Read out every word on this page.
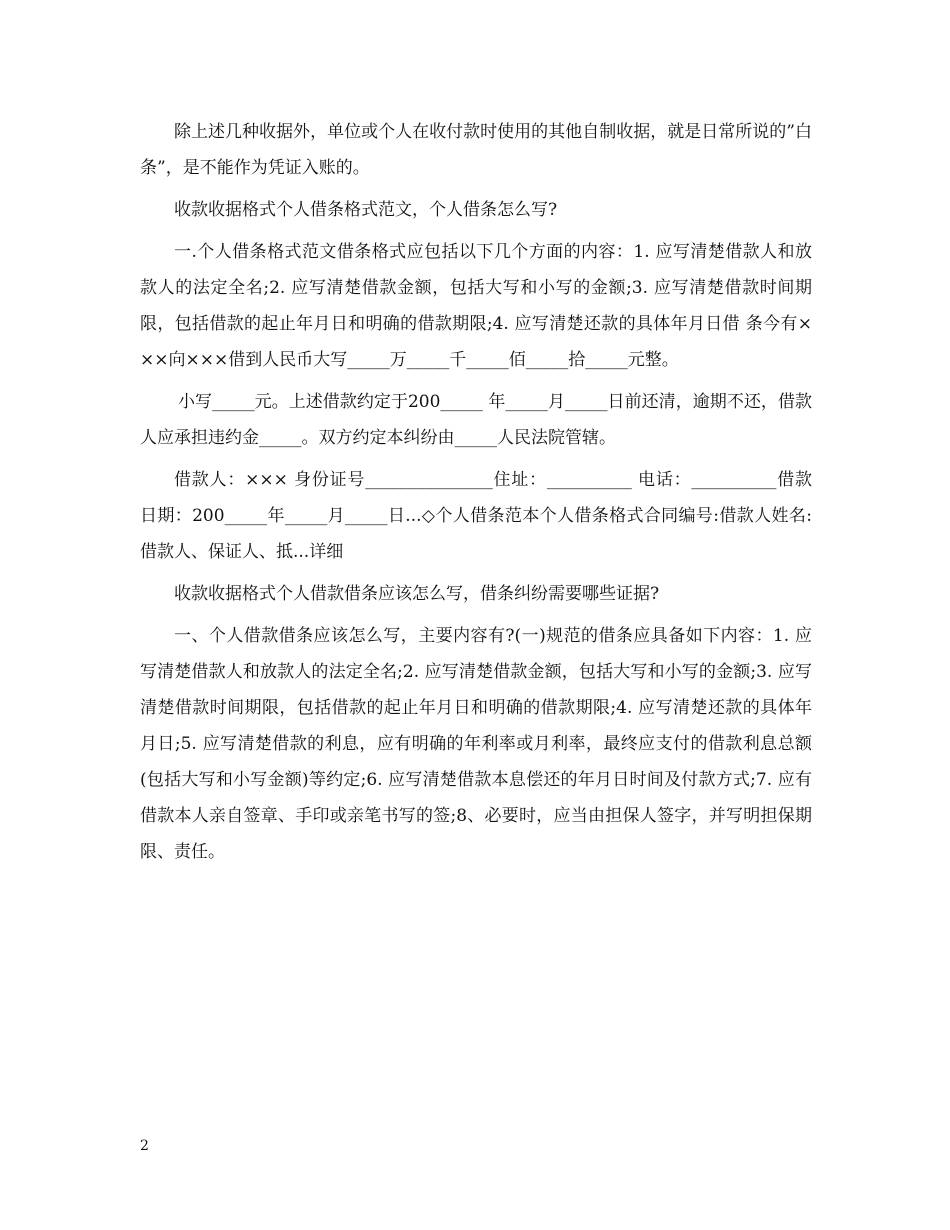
除上述几种收据外，单位或个人在收付款时使用的其他自制收据，就是日常所说的”白条”，是不能作为凭证入账的。

收款收据格式个人借条格式范文，个人借条怎么写?

一.个人借条格式范文借条格式应包括以下几个方面的内容：1. 应写清楚借款人和放款人的法定全名;2. 应写清楚借款金额，包括大写和小写的金额;3. 应写清楚借款时间期限，包括借款的起止年月日和明确的借款期限;4. 应写清楚还款的具体年月日借 条今有×××向×××借到人民币大写_____万_____千_____佰_____拾_____元整。

小写_____元。上述借款约定于200_____ 年_____月_____日前还清，逾期不还，借款人应承担违约金_____。双方约定本纠纷由_____人民法院管辖。

借款人：××× 身份证号_______________住址：__________ 电话：__________借款日期：200_____年_____月_____日...◇个人借条范本个人借条格式合同编号:借款人姓名:借款人、保证人、抵...详细

收款收据格式个人借款借条应该怎么写，借条纠纷需要哪些证据?

一、个人借款借条应该怎么写，主要内容有?(一)规范的借条应具备如下内容：1. 应写清楚借款人和放款人的法定全名;2. 应写清楚借款金额，包括大写和小写的金额;3. 应写清楚借款时间期限，包括借款的起止年月日和明确的借款期限;4. 应写清楚还款的具体年月日;5. 应写清楚借款的利息，应有明确的年利率或月利率，最终应支付的借款利息总额(包括大写和小写金额)等约定;6. 应写清楚借款本息偿还的年月日时间及付款方式;7. 应有借款本人亲自签章、手印或亲笔书写的签;8、必要时，应当由担保人签字，并写明担保期限、责任。

2
